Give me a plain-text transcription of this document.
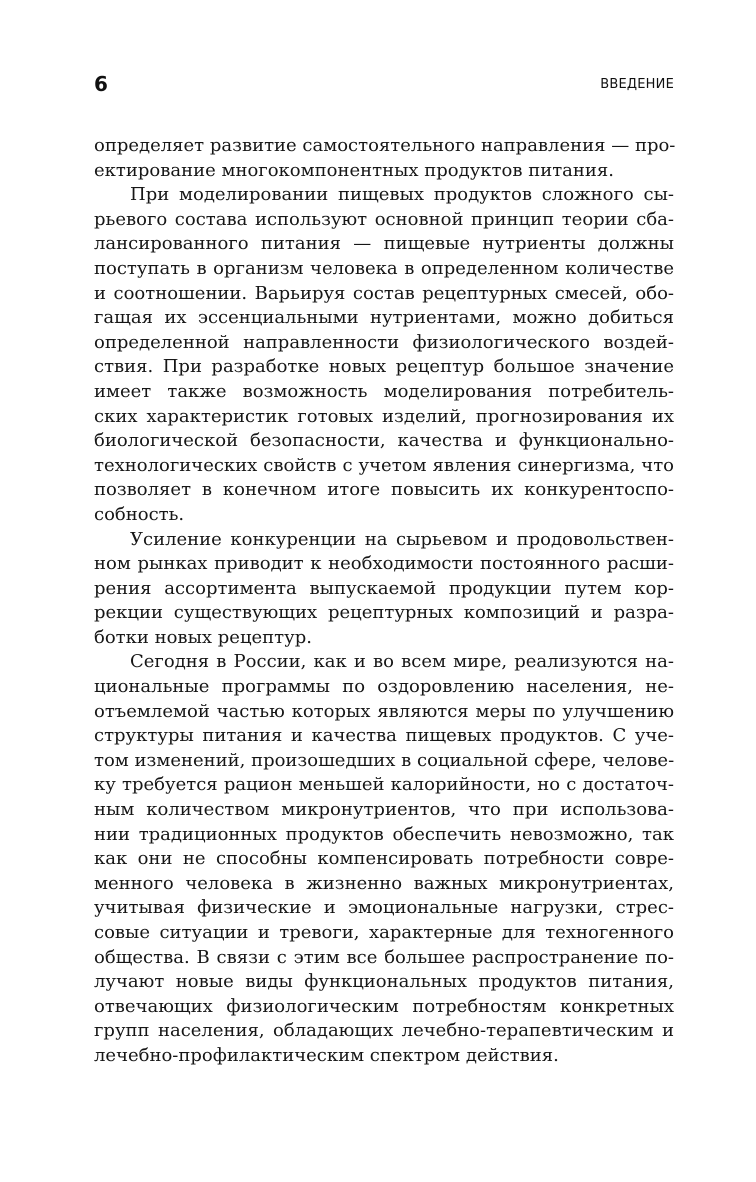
6	ВВЕДЕНИЕ

определяет развитие самостоятельного направления — про-
ектирование многокомпонентных продуктов питания.

При моделировании пищевых продуктов сложного сы-
рьевого состава используют основной принцип теории сба-
лансированного питания — пищевые нутриенты должны
поступать в организм человека в определенном количестве
и соотношении. Варьируя состав рецептурных смесей, обо-
гащая их эссенциальными нутриентами, можно добиться
определенной направленности физиологического воздей-
ствия. При разработке новых рецептур большое значение
имеет также возможность моделирования потребитель-
ских характеристик готовых изделий, прогнозирования их
биологической безопасности, качества и функционально-
технологических свойств с учетом явления синергизма, что
позволяет в конечном итоге повысить их конкурентоспо-
собность.

Усиление конкуренции на сырьевом и продовольствен-
ном рынках приводит к необходимости постоянного расши-
рения ассортимента выпускаемой продукции путем кор-
рекции существующих рецептурных композиций и разра-
ботки новых рецептур.

Сегодня в России, как и во всем мире, реализуются на-
циональные программы по оздоровлению населения, не-
отъемлемой частью которых являются меры по улучшению
структуры питания и качества пищевых продуктов. С уче-
том изменений, произошедших в социальной сфере, челове-
ку требуется рацион меньшей калорийности, но с достаточ-
ным количеством микронутриентов, что при использова-
нии традиционных продуктов обеспечить невозможно, так
как они не способны компенсировать потребности совре-
менного человека в жизненно важных микронутриентах,
учитывая физические и эмоциональные нагрузки, стрес-
совые ситуации и тревоги, характерные для техногенного
общества. В связи с этим все большее распространение по-
лучают новые виды функциональных продуктов питания,
отвечающих физиологическим потребностям конкретных
групп населения, обладающих лечебно-терапевтическим и
лечебно-профилактическим спектром действия.
